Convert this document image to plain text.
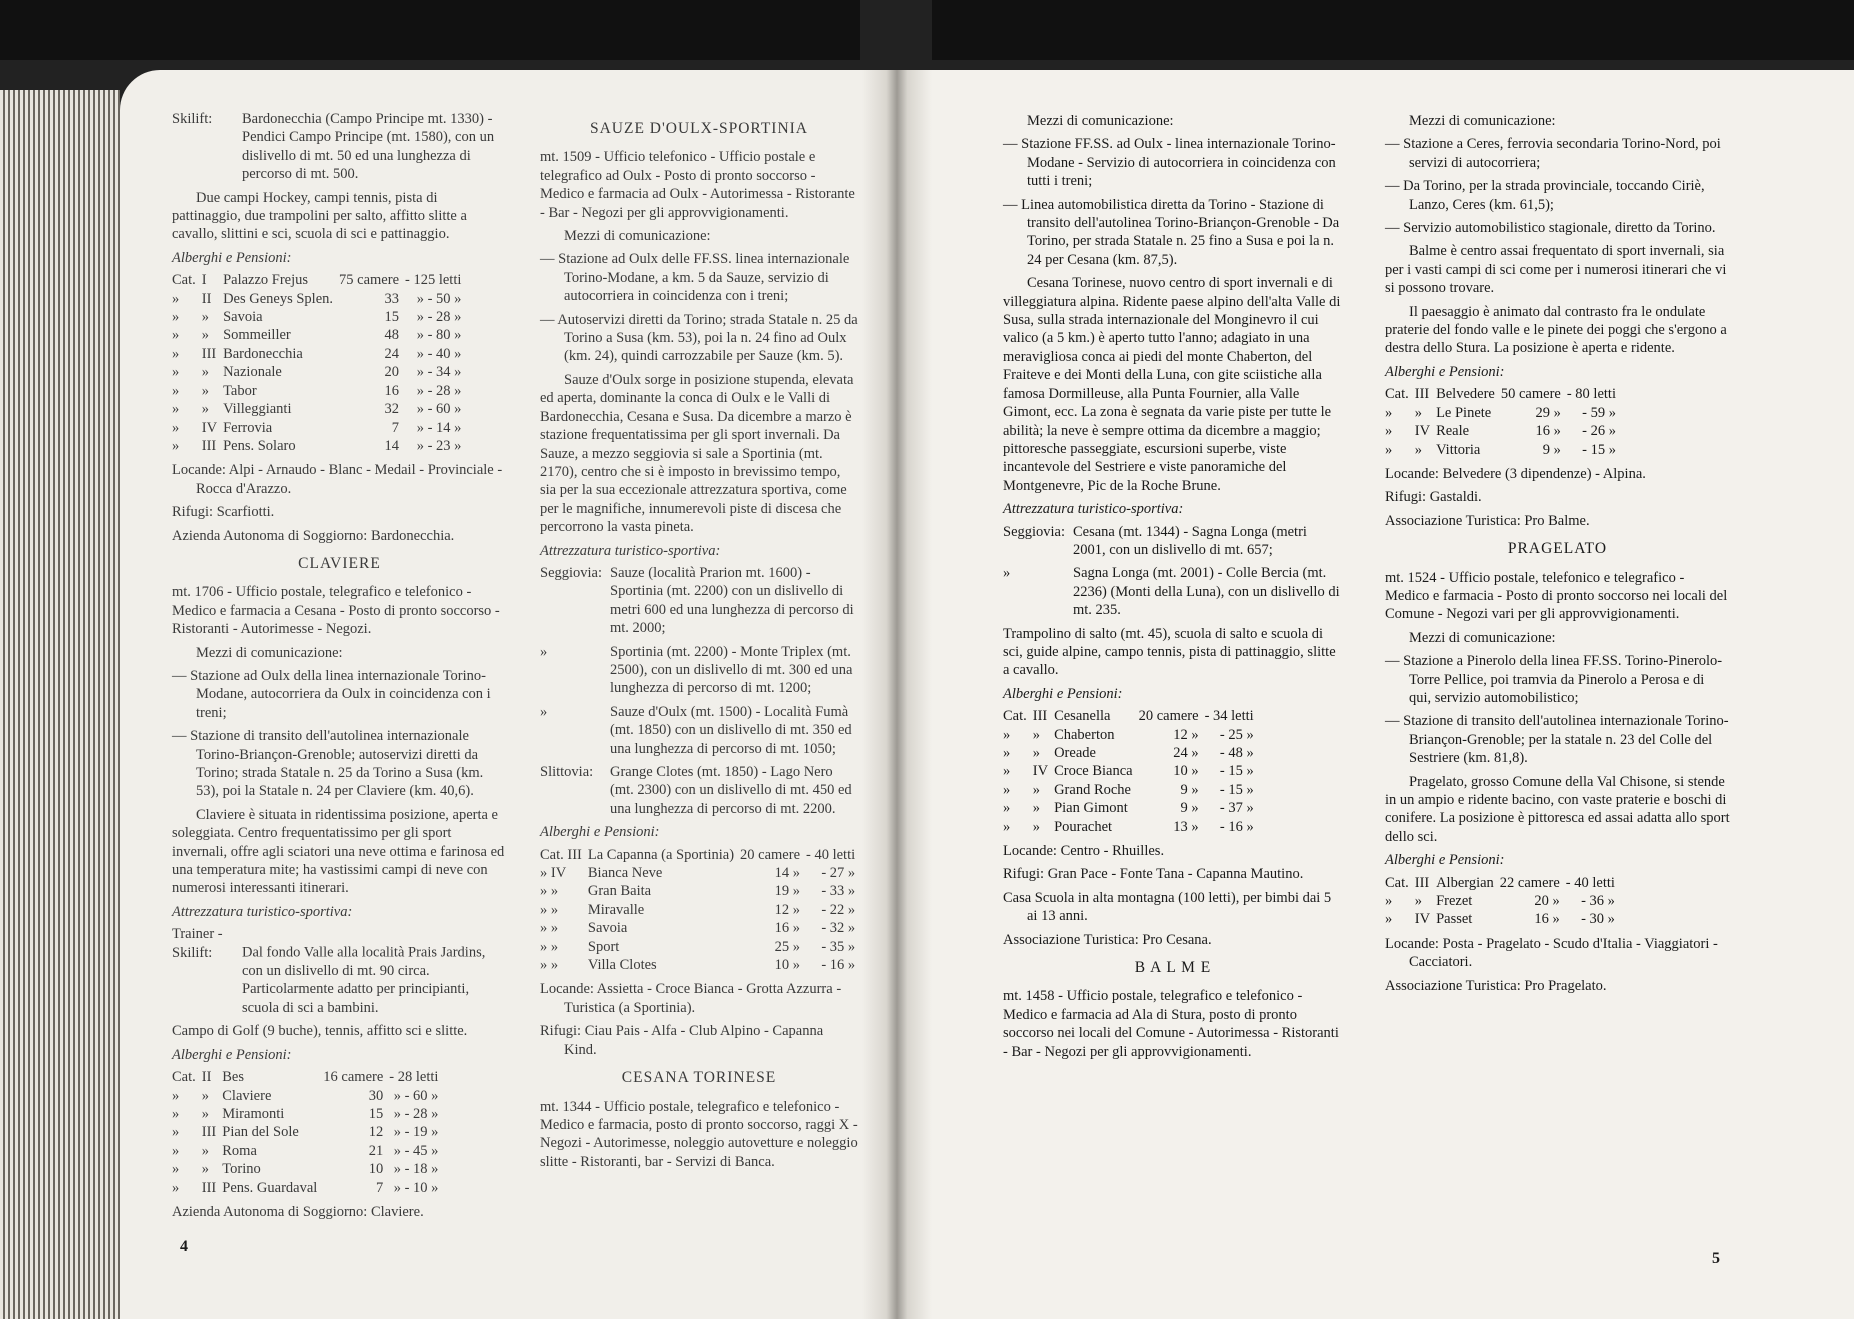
Skilift: Bardonecchia (Campo Principe mt. 1330) - Pendici Campo Principe (mt. 1580), con un dislivello di mt. 50 ed una lunghezza di percorso di mt. 500.

Due campi Hockey, campi tennis, pista di pattinaggio, due trampolini per salto, affitto slitte a cavallo, slittini e sci, scuola di sci e pattinaggio.

Alberghi e Pensioni:

Cat.	I	Palazzo Frejus	75 camere	- 125 letti
»	II	Des Geneys Splen.	33	» - 50 »
»	»	Savoia	15	» - 28 »
»	»	Sommeiller	48	» - 80 »
»	III	Bardonecchia	24	» - 40 »
»	»	Nazionale	20	» - 34 »
»	»	Tabor	16	» - 28 »
»	»	Villeggianti	32	» - 60 »
»	IV	Ferrovia	7	» - 14 »
»	III	Pens. Solaro	14	» - 23 »

Locande: Alpi - Arnaudo - Blanc - Medail - Provinciale - Rocca d'Arazzo.

Rifugi: Scarfiotti.

Azienda Autonoma di Soggiorno: Bardonecchia.

CLAVIERE

mt. 1706 - Ufficio postale, telegrafico e telefonico - Medico e farmacia a Cesana - Posto di pronto soccorso - Ristoranti - Autorimesse - Negozi.

Mezzi di comunicazione:

— Stazione ad Oulx della linea internazionale Torino-Modane, autocorriera da Oulx in coincidenza con i treni;

— Stazione di transito dell'autolinea internazionale Torino-Briançon-Grenoble; autoservizi diretti da Torino; strada Statale n. 25 da Torino a Susa (km. 53), poi la Statale n. 24 per Claviere (km. 40,6).

Claviere è situata in ridentissima posizione, aperta e soleggiata. Centro frequentatissimo per gli sport invernali, offre agli sciatori una neve ottima e farinosa ed una temperatura mite; ha vastissimi campi di neve con numerosi interessanti itinerari.

Attrezzatura turistico-sportiva:

Trainer - Skilift: Dal fondo Valle alla località Prais Jardins, con un dislivello di mt. 90 circa. Particolarmente adatto per principianti, scuola di sci a bambini.

Campo di Golf (9 buche), tennis, affitto sci e slitte.

Alberghi e Pensioni:

Cat.	II	Bes	16 camere	- 28 letti
»	»	Claviere	30	» - 60 »
»	»	Miramonti	15	» - 28 »
»	III	Pian del Sole	12	» - 19 »
»	»	Roma	21	» - 45 »
»	»	Torino	10	» - 18 »
»	III	Pens. Guardaval	7	» - 10 »

Azienda Autonoma di Soggiorno: Claviere.

SAUZE D'OULX-SPORTINIA

mt. 1509 - Ufficio telefonico - Ufficio postale e telegrafico ad Oulx - Posto di pronto soccorso - Medico e farmacia ad Oulx - Autorimessa - Ristorante - Bar - Negozi per gli approvvigionamenti.

Mezzi di comunicazione:

— Stazione ad Oulx delle FF.SS. linea internazionale Torino-Modane, a km. 5 da Sauze, servizio di autocorriera in coincidenza con i treni;

— Autoservizi diretti da Torino; strada Statale n. 25 da Torino a Susa (km. 53), poi la n. 24 fino ad Oulx (km. 24), quindi carrozzabile per Sauze (km. 5).

Sauze d'Oulx sorge in posizione stupenda, elevata ed aperta, dominante la conca di Oulx e le Valli di Bardonecchia, Cesana e Susa. Da dicembre a marzo è stazione frequentatissima per gli sport invernali. Da Sauze, a mezzo seggiovia si sale a Sportinia (mt. 2170), centro che si è imposto in brevissimo tempo, sia per la sua eccezionale attrezzatura sportiva, come per le magnifiche, innumerevoli piste di discesa che percorrono la vasta pineta.

Attrezzatura turistico-sportiva:

Seggiovia: Sauze (località Prarion mt. 1600) - Sportinia (mt. 2200) con un dislivello di metri 600 ed una lunghezza di percorso di mt. 2000;

»	Sportinia (mt. 2200) - Monte Triplex (mt. 2500), con un dislivello di mt. 300 ed una lunghezza di percorso di mt. 1200;

»	Sauze d'Oulx (mt. 1500) - Località Fumà (mt. 1850) con un dislivello di mt. 350 ed una lunghezza di percorso di mt. 1050;

Slittovia: Grange Clotes (mt. 1850) - Lago Nero (mt. 2300) con un dislivello di mt. 450 ed una lunghezza di percorso di mt. 2200.

Alberghi e Pensioni:

Cat. III	La Capanna (a Sportinia)	20 camere	- 40 letti
» IV	Bianca Neve	14 »	- 27 »
» »	Gran Baita	19 »	- 33 »
» »	Miravalle	12 »	- 22 »
» »	Savoia	16 »	- 32 »
» »	Sport	25 »	- 35 »
» »	Villa Clotes	10 »	- 16 »

Locande: Assietta - Croce Bianca - Grotta Azzurra - Turistica (a Sportinia).

Rifugi: Ciau Pais - Alfa - Club Alpino - Capanna Kind.

CESANA TORINESE

mt. 1344 - Ufficio postale, telegrafico e telefonico - Medico e farmacia, posto di pronto soccorso, raggi X - Negozi - Autorimesse, noleggio autovetture e noleggio slitte - Ristoranti, bar - Servizi di Banca.

Mezzi di comunicazione:

— Stazione FF.SS. ad Oulx - linea internazionale Torino-Modane - Servizio di autocorriera in coincidenza con tutti i treni;

— Linea automobilistica diretta da Torino - Stazione di transito dell'autolinea Torino-Briançon-Grenoble - Da Torino, per strada Statale n. 25 fino a Susa e poi la n. 24 per Cesana (km. 87,5).

Cesana Torinese, nuovo centro di sport invernali e di villeggiatura alpina. Ridente paese alpino dell'alta Valle di Susa, sulla strada internazionale del Monginevro il cui valico (a 5 km.) è aperto tutto l'anno; adagiato in una meravigliosa conca ai piedi del monte Chaberton, del Fraiteve e dei Monti della Luna, con gite sciistiche alla famosa Dormilleuse, alla Punta Fournier, alla Valle Gimont, ecc. La zona è segnata da varie piste per tutte le abilità; la neve è sempre ottima da dicembre a maggio; pittoresche passeggiate, escursioni superbe, viste incantevole del Sestriere e viste panoramiche del Montgenevre, Pic de la Roche Brune.

Attrezzatura turistico-sportiva:

Seggiovia: Cesana (mt. 1344) - Sagna Longa (metri 2001, con un dislivello di mt. 657;

»	Sagna Longa (mt. 2001) - Colle Bercia (mt. 2236) (Monti della Luna), con un dislivello di mt. 235.

Trampolino di salto (mt. 45), scuola di salto e scuola di sci, guide alpine, campo tennis, pista di pattinaggio, slitte a cavallo.

Alberghi e Pensioni:

Cat.	III	Cesanella	20 camere	- 34 letti
»	»	Chaberton	12 »	- 25 »
»	»	Oreade	24 »	- 48 »
»	IV	Croce Bianca	10 »	- 15 »
»	»	Grand Roche	9 »	- 15 »
»	»	Pian Gimont	9 »	- 37 »
»	»	Pourachet	13 »	- 16 »

Locande: Centro - Rhuilles.

Rifugi: Gran Pace - Fonte Tana - Capanna Mautino.

Casa Scuola in alta montagna (100 letti), per bimbi dai 5 ai 13 anni.

Associazione Turistica: Pro Cesana.

B A L M E

mt. 1458 - Ufficio postale, telegrafico e telefonico - Medico e farmacia ad Ala di Stura, posto di pronto soccorso nei locali del Comune - Autorimessa - Ristoranti - Bar - Negozi per gli approvvigionamenti.

Mezzi di comunicazione:

— Stazione a Ceres, ferrovia secondaria Torino-Nord, poi servizi di autocorriera;

— Da Torino, per la strada provinciale, toccando Ciriè, Lanzo, Ceres (km. 61,5);

— Servizio automobilistico stagionale, diretto da Torino.

Balme è centro assai frequentato di sport invernali, sia per i vasti campi di sci come per i numerosi itinerari che vi si possono trovare.

Il paesaggio è animato dal contrasto fra le ondulate praterie del fondo valle e le pinete dei poggi che s'ergono a destra dello Stura. La posizione è aperta e ridente.

Alberghi e Pensioni:

Cat.	III	Belvedere	50 camere	- 80 letti
»	»	Le Pinete	29 »	- 59 »
»	IV	Reale	16 »	- 26 »
»	»	Vittoria	9 »	- 15 »

Locande: Belvedere (3 dipendenze) - Alpina.

Rifugi: Gastaldi.

Associazione Turistica: Pro Balme.

PRAGELATO

mt. 1524 - Ufficio postale, telefonico e telegrafico - Medico e farmacia - Posto di pronto soccorso nei locali del Comune - Negozi vari per gli approvvigionamenti.

Mezzi di comunicazione:

— Stazione a Pinerolo della linea FF.SS. Torino-Pinerolo-Torre Pellice, poi tramvia da Pinerolo a Perosa e di qui, servizio automobilistico;

— Stazione di transito dell'autolinea internazionale Torino-Briançon-Grenoble; per la statale n. 23 del Colle del Sestriere (km. 81,8).

Pragelato, grosso Comune della Val Chisone, si stende in un ampio e ridente bacino, con vaste praterie e boschi di conifere. La posizione è pittoresca ed assai adatta allo sport dello sci.

Alberghi e Pensioni:

Cat.	III	Albergian	22 camere	- 40 letti
»	»	Frezet	20 »	- 36 »
»	IV	Passet	16 »	- 30 »

Locande: Posta - Pragelato - Scudo d'Italia - Viaggiatori - Cacciatori.

Associazione Turistica: Pro Pragelato.

4
5
